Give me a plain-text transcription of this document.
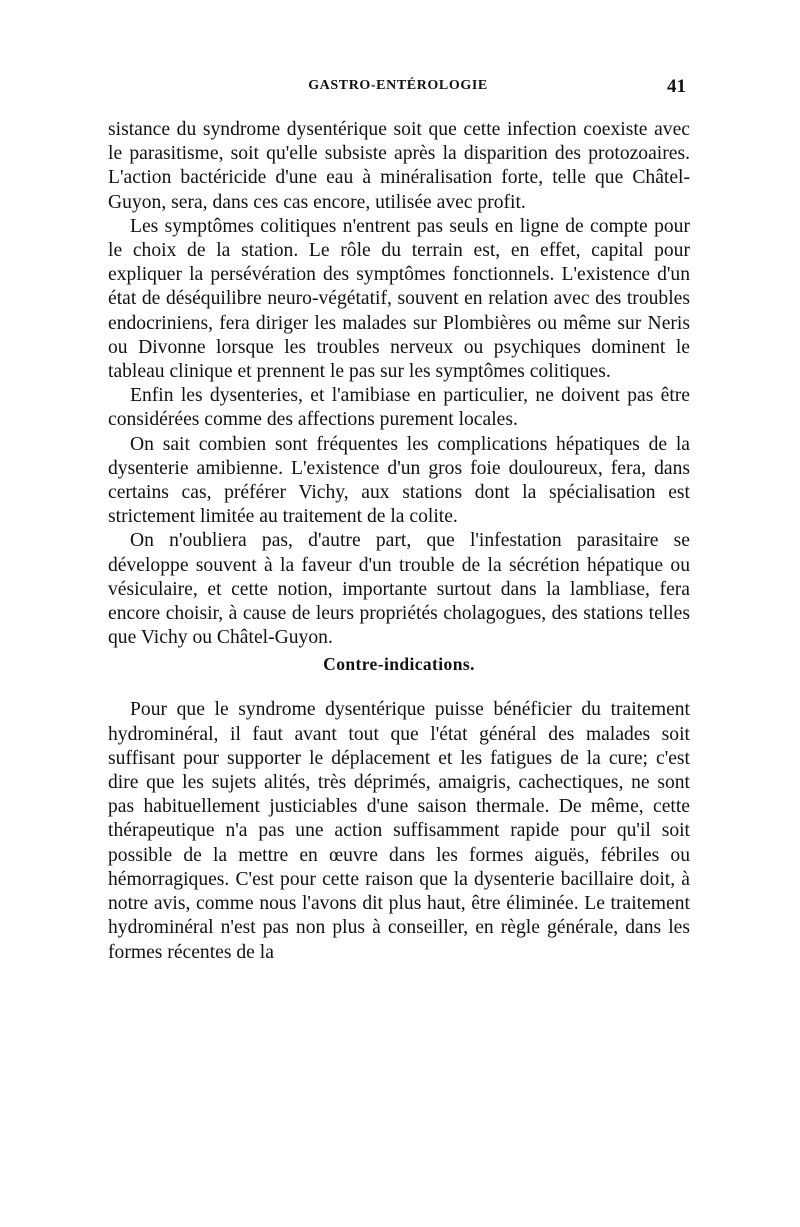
GASTRO-ENTÉROLOGIE	41

sistance du syndrome dysentérique soit que cette infection coexiste avec le parasitisme, soit qu'elle subsiste après la disparition des protozoaires. L'action bactéricide d'une eau à minéralisation forte, telle que Châtel-Guyon, sera, dans ces cas encore, utilisée avec profit.

Les symptômes colitiques n'entrent pas seuls en ligne de compte pour le choix de la station. Le rôle du terrain est, en effet, capital pour expliquer la persévération des symptômes fonctionnels. L'existence d'un état de déséquilibre neuro-végétatif, souvent en relation avec des troubles endocriniens, fera diriger les malades sur Plombières ou même sur Neris ou Divonne lorsque les troubles nerveux ou psychiques dominent le tableau clinique et prennent le pas sur les symptômes colitiques.

Enfin les dysenteries, et l'amibiase en particulier, ne doivent pas être considérées comme des affections purement locales.

On sait combien sont fréquentes les complications hépatiques de la dysenterie amibienne. L'existence d'un gros foie douloureux, fera, dans certains cas, préférer Vichy, aux stations dont la spécialisation est strictement limitée au traitement de la colite.

On n'oubliera pas, d'autre part, que l'infestation parasitaire se développe souvent à la faveur d'un trouble de la sécrétion hépatique ou vésiculaire, et cette notion, importante surtout dans la lambliase, fera encore choisir, à cause de leurs propriétés cholagogues, des stations telles que Vichy ou Châtel-Guyon.

Contre-indications.

Pour que le syndrome dysentérique puisse bénéficier du traitement hydrominéral, il faut avant tout que l'état général des malades soit suffisant pour supporter le déplacement et les fatigues de la cure; c'est dire que les sujets alités, très déprimés, amaigris, cachectiques, ne sont pas habituellement justiciables d'une saison thermale. De même, cette thérapeutique n'a pas une action suffisamment rapide pour qu'il soit possible de la mettre en œuvre dans les formes aiguës, fébriles ou hémorragiques. C'est pour cette raison que la dysenterie bacillaire doit, à notre avis, comme nous l'avons dit plus haut, être éliminée. Le traitement hydrominéral n'est pas non plus à conseiller, en règle générale, dans les formes récentes de la
